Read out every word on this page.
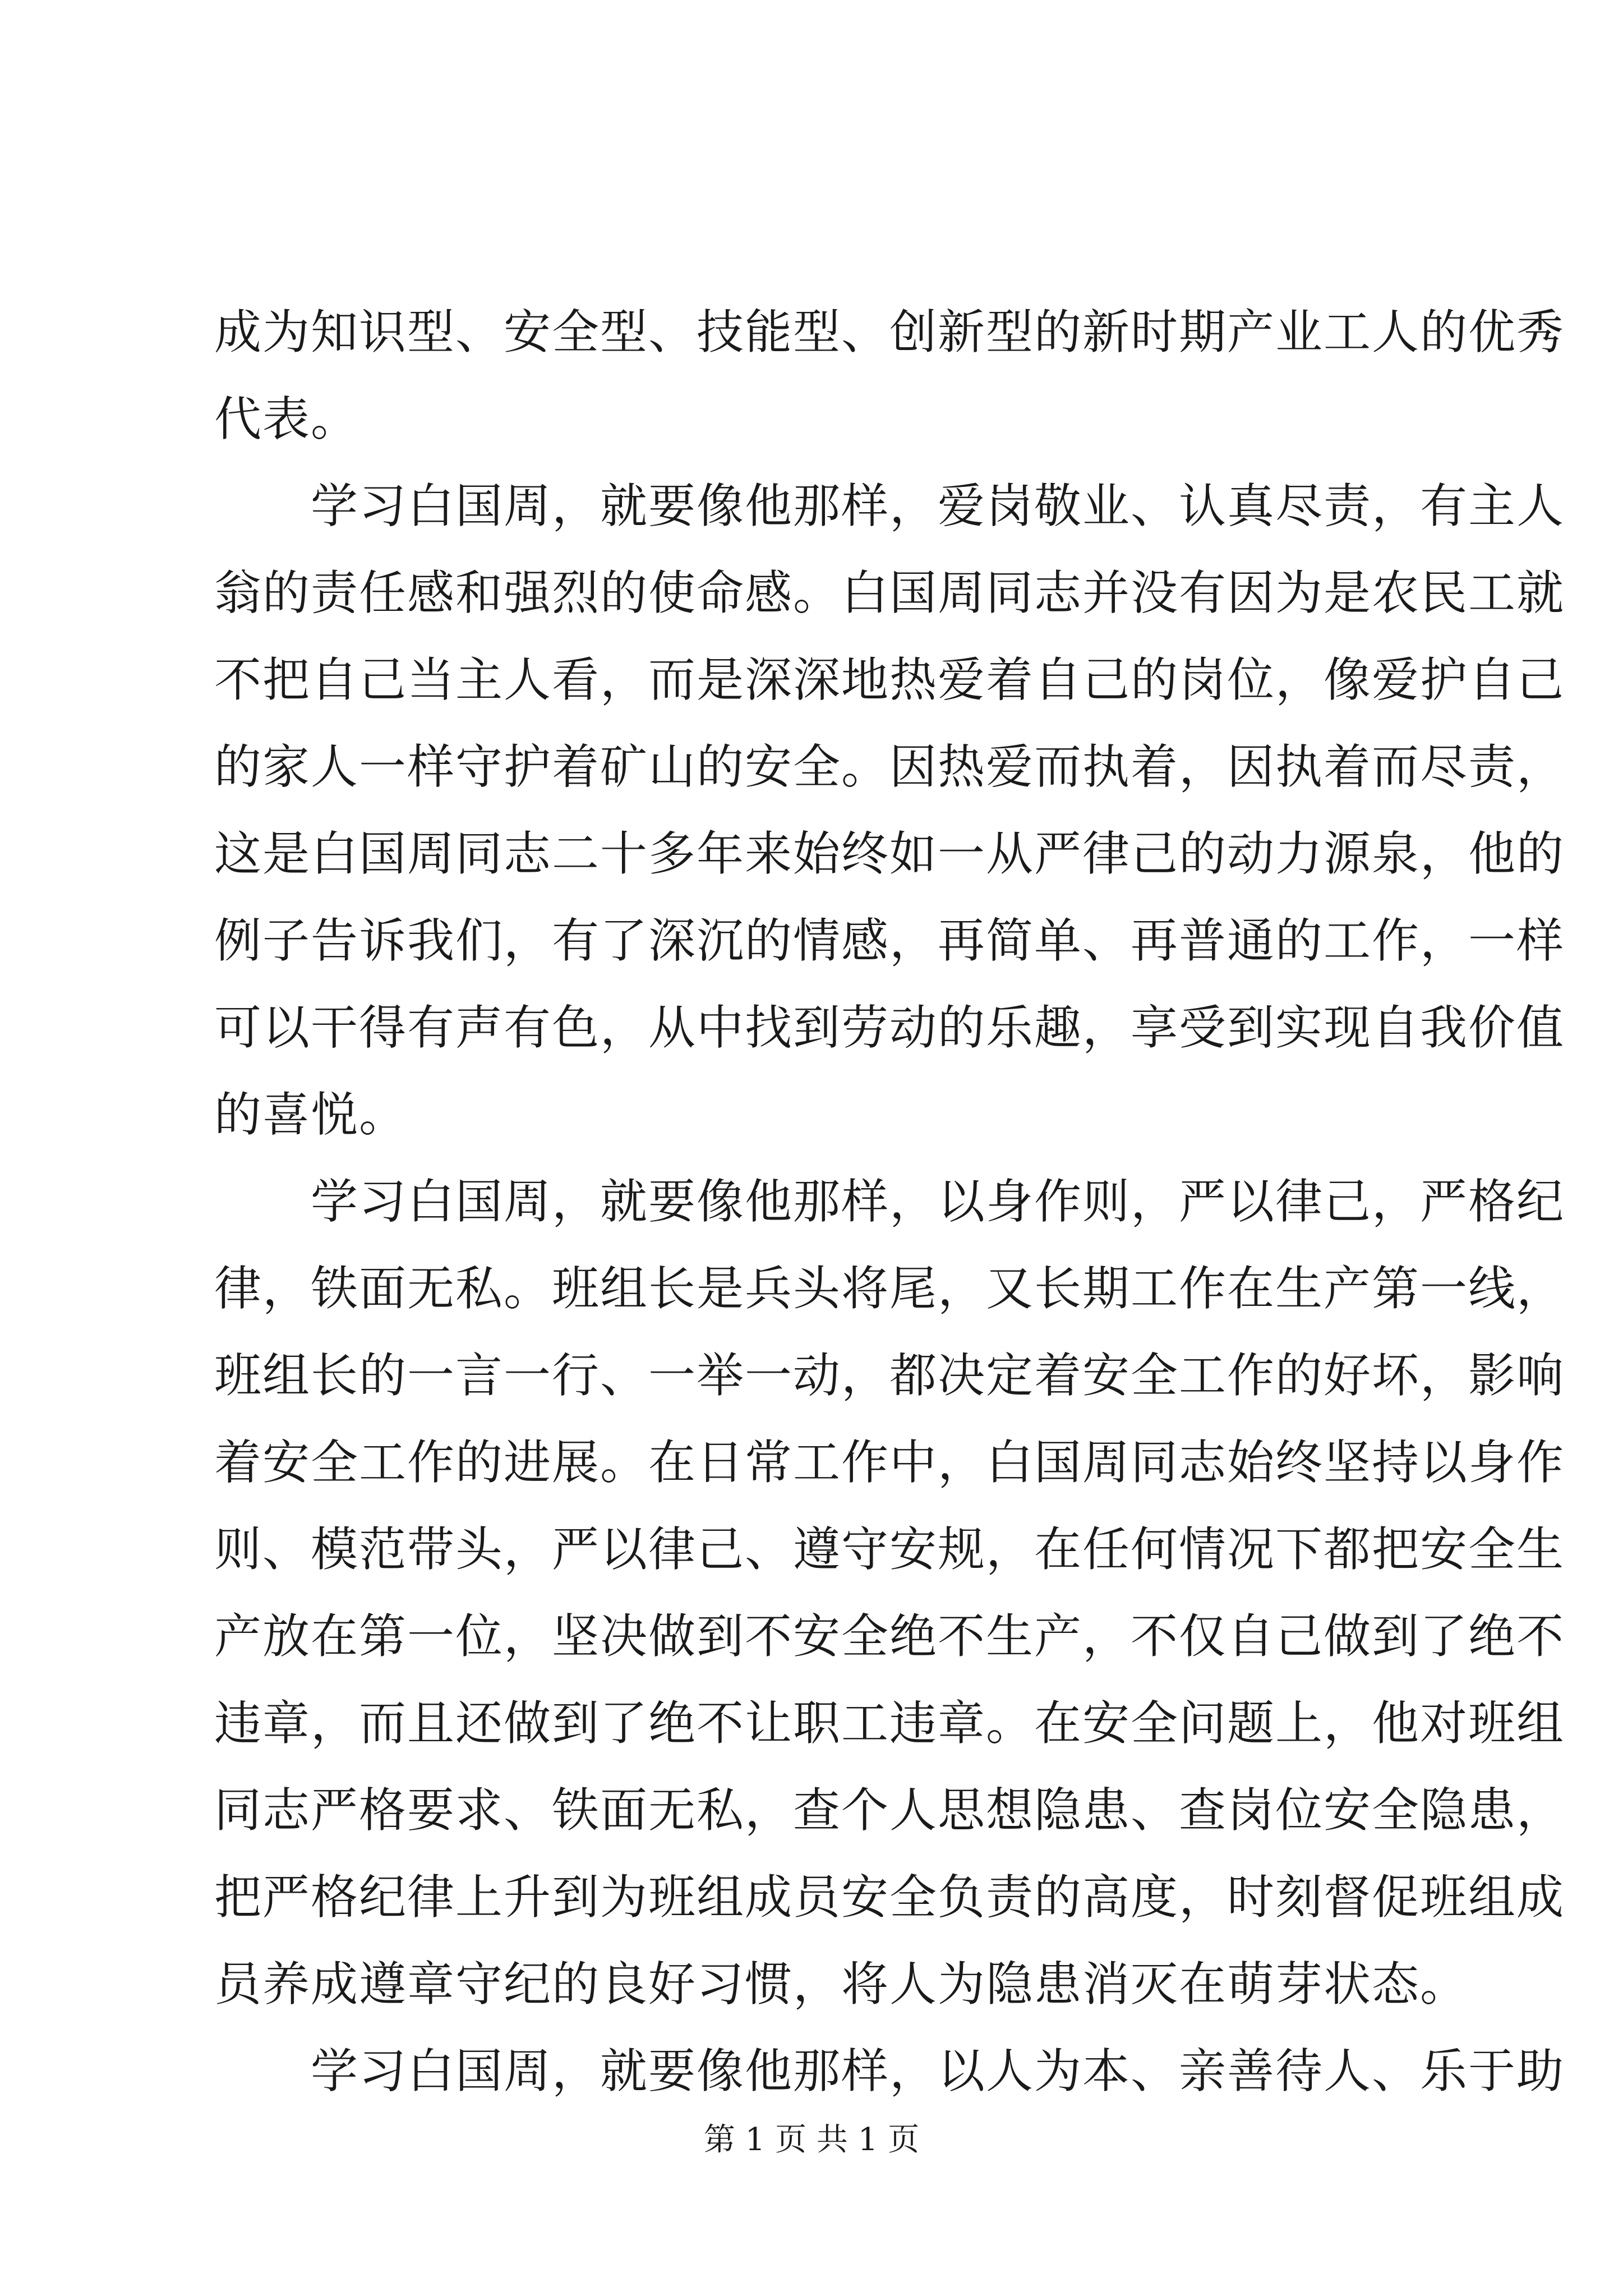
成为知识型、安全型、技能型、创新型的新时期产业工人的优秀
代表。
　　学习白国周，就要像他那样，爱岗敬业、认真尽责，有主人
翁的责任感和强烈的使命感。白国周同志并没有因为是农民工就
不把自己当主人看，而是深深地热爱着自己的岗位，像爱护自己
的家人一样守护着矿山的安全。因热爱而执着，因执着而尽责，
这是白国周同志二十多年来始终如一从严律己的动力源泉，他的
例子告诉我们，有了深沉的情感，再简单、再普通的工作，一样
可以干得有声有色，从中找到劳动的乐趣，享受到实现自我价值
的喜悦。
　　学习白国周，就要像他那样，以身作则，严以律己，严格纪
律，铁面无私。班组长是兵头将尾，又长期工作在生产第一线，
班组长的一言一行、一举一动，都决定着安全工作的好坏，影响
着安全工作的进展。在日常工作中，白国周同志始终坚持以身作
则、模范带头，严以律己、遵守安规，在任何情况下都把安全生
产放在第一位，坚决做到不安全绝不生产，不仅自己做到了绝不
违章，而且还做到了绝不让职工违章。在安全问题上，他对班组
同志严格要求、铁面无私，查个人思想隐患、查岗位安全隐患，
把严格纪律上升到为班组成员安全负责的高度，时刻督促班组成
员养成遵章守纪的良好习惯，将人为隐患消灭在萌芽状态。
　　学习白国周，就要像他那样，以人为本、亲善待人、乐于助
第 1 页 共 1 页
